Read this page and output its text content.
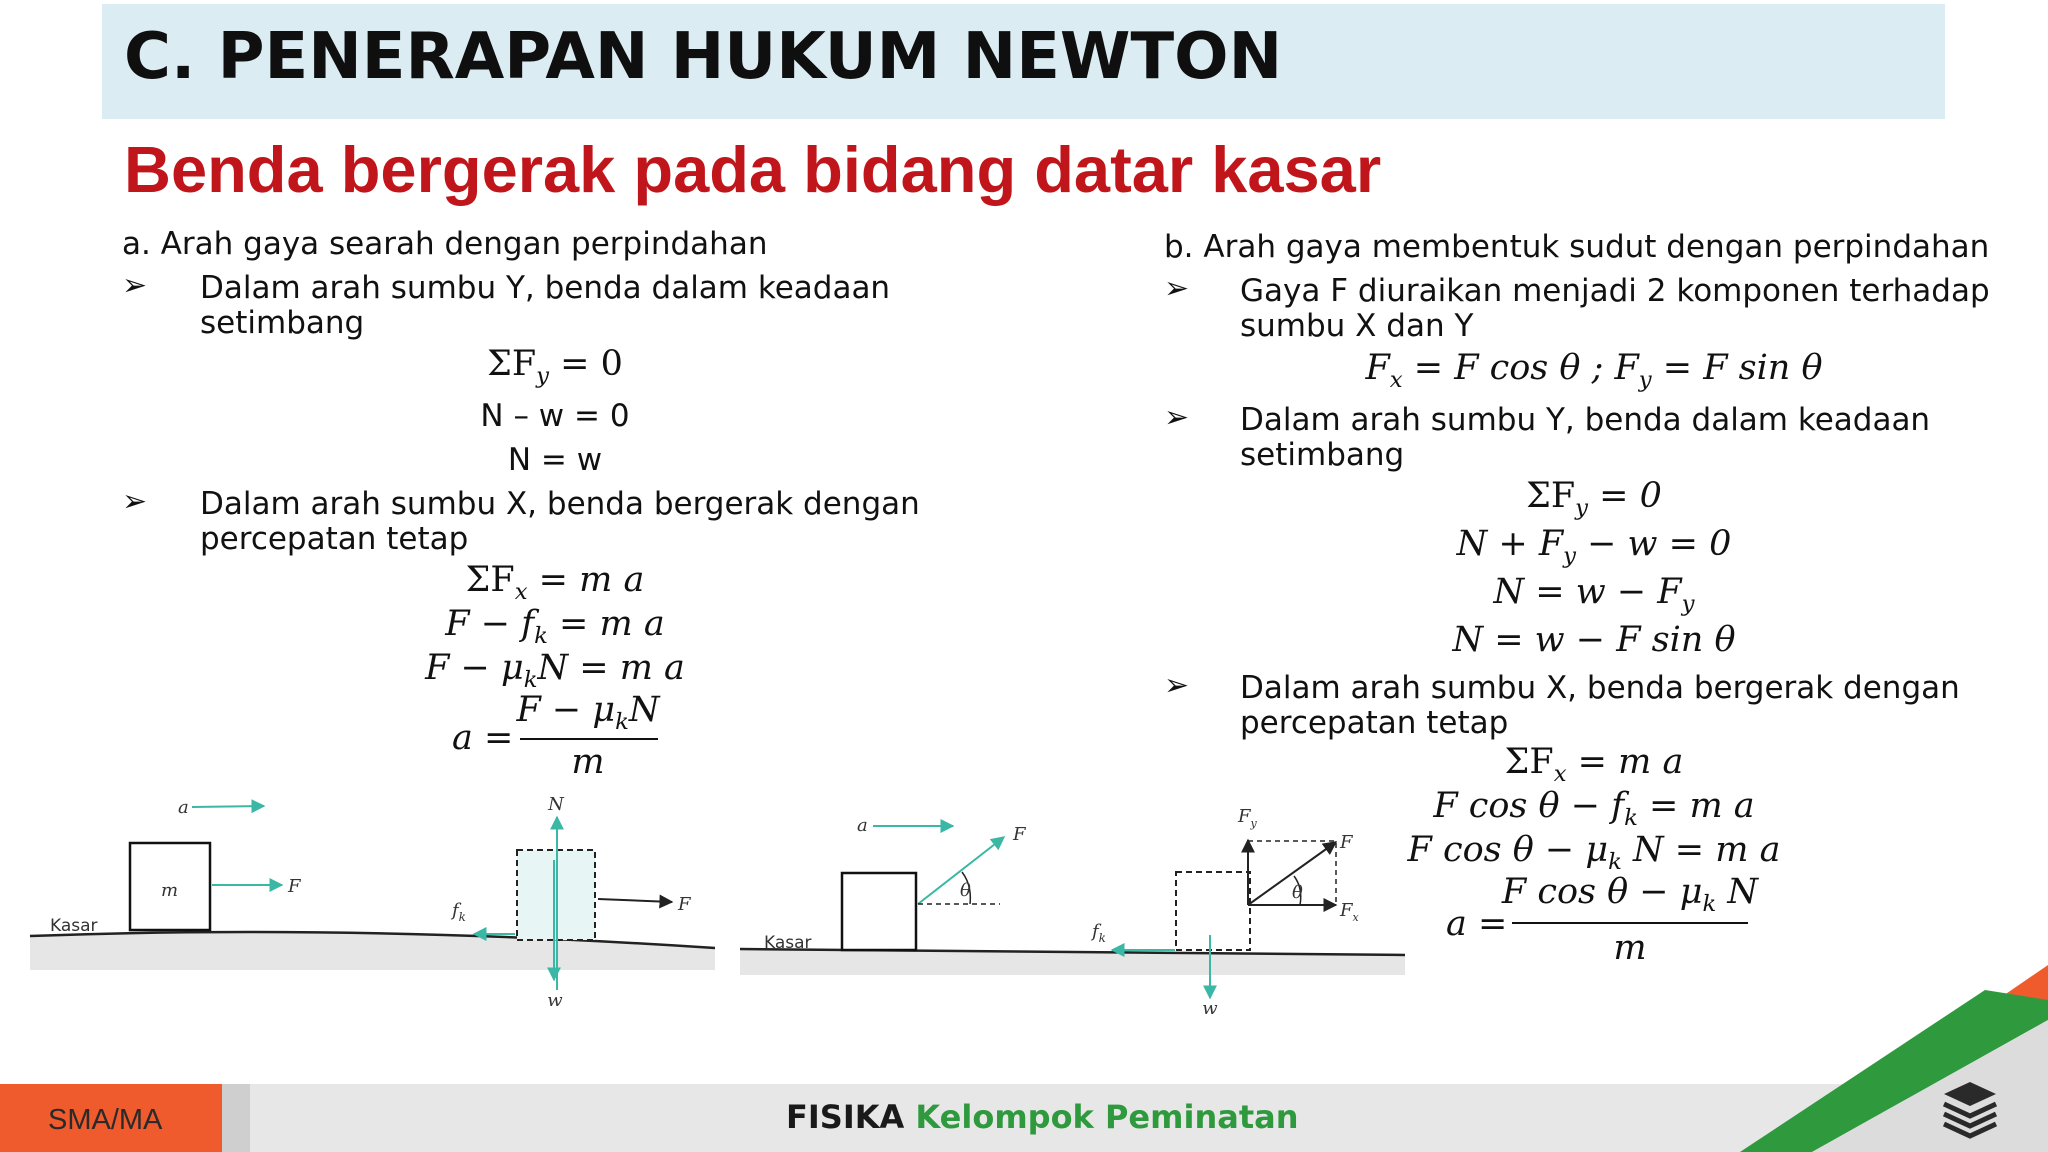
C. PENERAPAN HUKUM NEWTON
Benda bergerak pada bidang datar kasar
a. Arah gaya searah dengan perpindahan
➢ Dalam arah sumbu Y, benda dalam keadaan
setimbang
$\Sigma F_y = 0$
N – w = 0
N = w
➢ Dalam arah sumbu X, benda bergerak dengan
percepatan tetap
$\Sigma F_x = m$ a
$F - f_k = m$ a
$F - \mu_kN = m$ a
a =
$F - \mu_kN$
m
b. Arah gaya membentuk sudut dengan perpindahan
➢ Gaya F diuraikan menjadi 2 komponen terhadap
sumbu X dan Y
$F_x = F$ cos θ ; $F_y = F$ sin θ
➢ Dalam arah sumbu Y, benda dalam keadaan
setimbang
$\Sigma F_y = 0$
$N + F_y - w = 0$
$N = w - F_y$
N = w − F sin θ
➢ Dalam arah sumbu X, benda bergerak dengan
percepatan tetap
$\Sigma F_x = m$ a
F $\cos \theta - f_k = m$ a
F $\cos \theta - \mu_k$ N = m a
a =
F $\cos \theta - \mu_k$ N
m
m
a
F
Kasar
N
w
F
$f_k$
a
θ
F
Kasar
θ
$F_y$
F
$F_x$
$f_k$
w
SMA/MA	FISIKA Kelompok Peminatan
